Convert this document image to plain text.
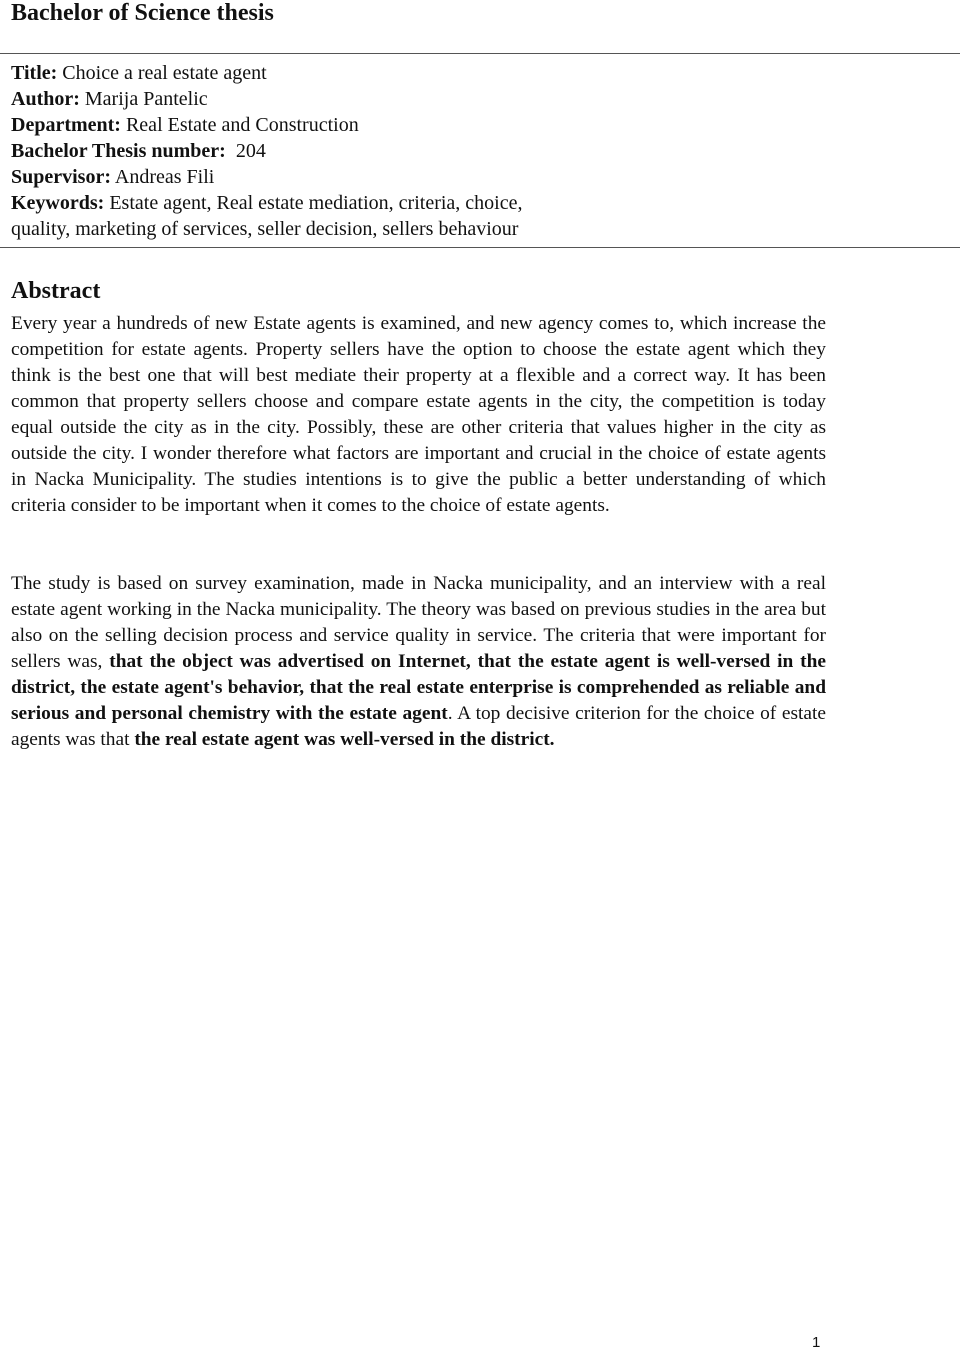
Bachelor of Science thesis
Title: Choice a real estate agent
Author: Marija Pantelic
Department: Real Estate and Construction
Bachelor Thesis number:  204
Supervisor: Andreas Fili
Keywords: Estate agent, Real estate mediation, criteria, choice,
quality, marketing of services, seller decision, sellers behaviour
Abstract

Every year a hundreds of new Estate agents is examined, and new agency comes to, which increase the competition for estate agents. Property sellers have the option to choose the estate agent which they think is the best one that will best mediate their property at a flexible and a correct way. It has been common that property sellers choose and compare estate agents in the city, the competition is today equal outside the city as in the city. Possibly, these are other criteria that values higher in the city as outside the city. I wonder therefore what factors are important and crucial in the choice of estate agents in Nacka Municipality. The studies intentions is to give the public a better understanding of which criteria consider to be important when it comes to the choice of estate agents.

The study is based on survey examination, made in Nacka municipality, and an interview with a real estate agent working in the Nacka municipality. The theory was based on previous studies in the area but also on the selling decision process and service quality in service. The criteria that were important for sellers was, that the object was advertised on Internet, that the estate agent is well-versed in the district, the estate agent's behavior, that the real estate enterprise is comprehended as reliable and serious and personal chemistry with the estate agent. A top decisive criterion for the choice of estate agents was that the real estate agent was well-versed in the district.

1
